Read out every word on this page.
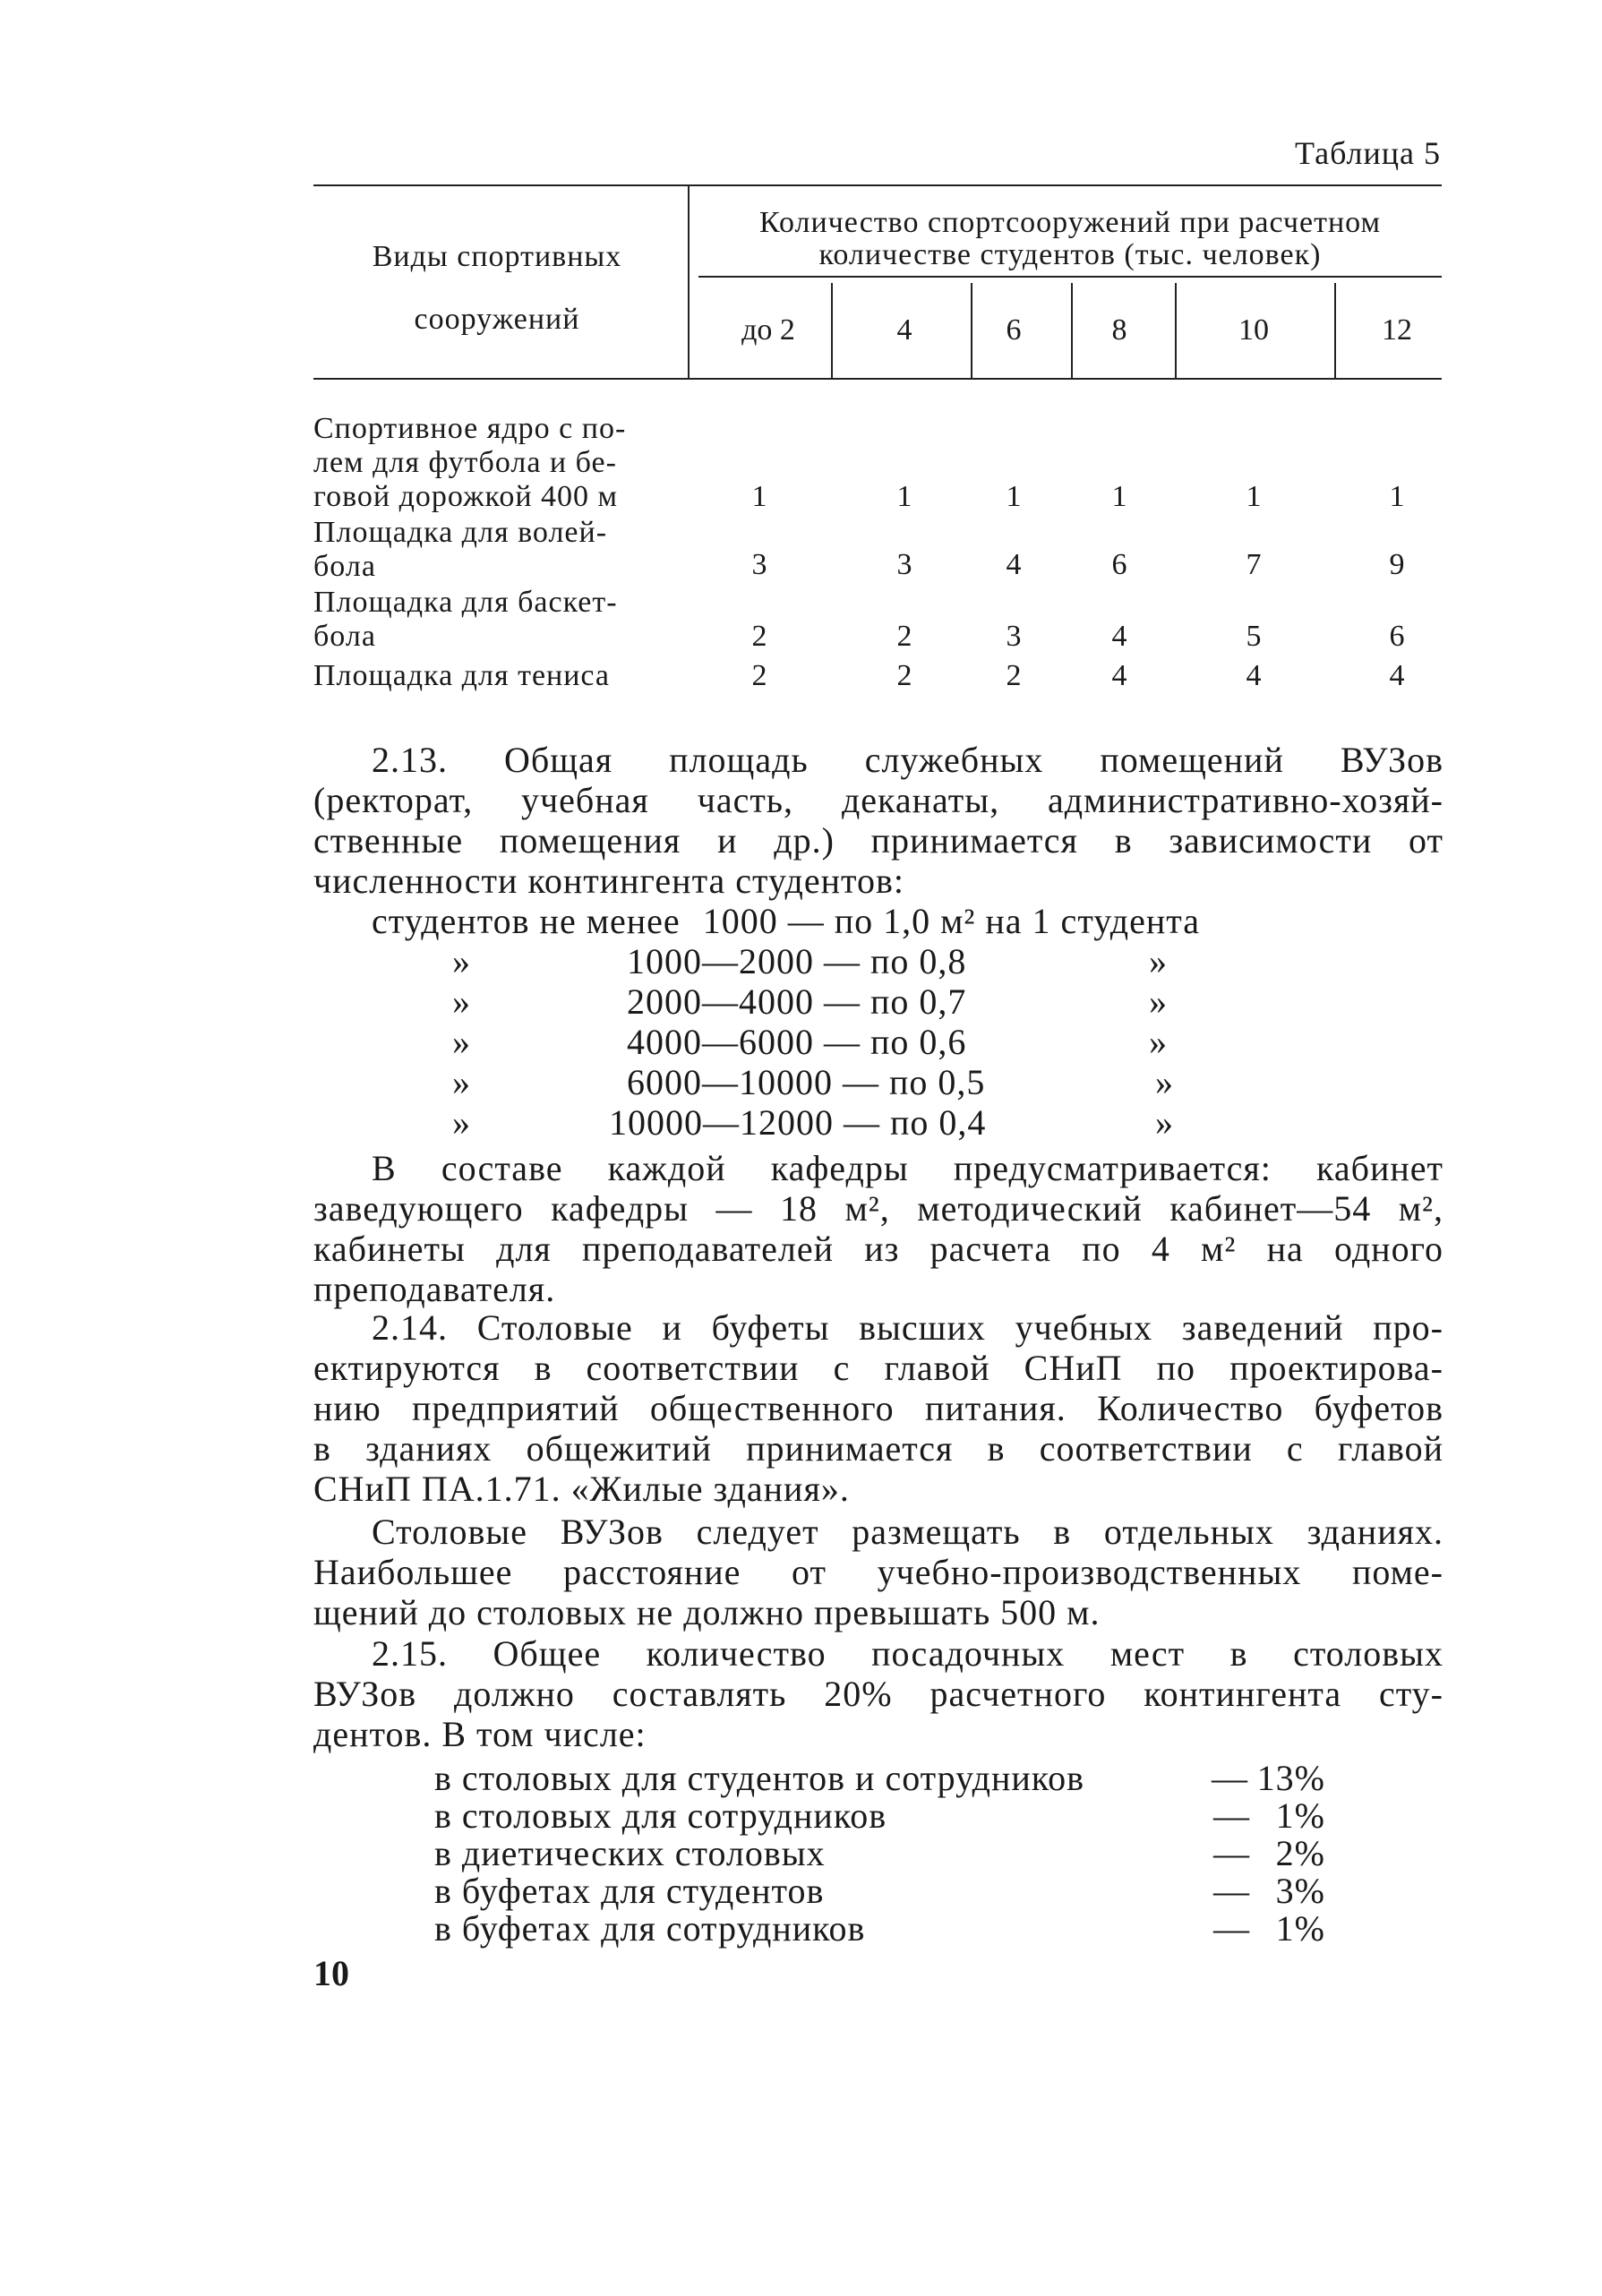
Таблица 5
Виды спортивных
сооружений
Количество спортсооружений при расчетном
количестве студентов (тыс. человек)
до 2	4	6	8	10	12
Спортивное ядро с по-
лем для футбола и бе-
говой дорожкой 400 м	1	1	1	1	1	1
Площадка для волей-
бола	3	3	4	6	7	9
Площадка для баскет-
бола	2	2	3	4	5	6
Площадка для тениса	2	2	2	4	4	4
2.13. Общая площадь служебных помещений ВУЗов
(ректорат, учебная часть, деканаты, административно-хозяй-
ственные помещения и др.) принимается в зависимости от
численности контингента студентов:
студентов не менее 1000 — по 1,0 м² на 1 студента
»	1000—2000 — по 0,8	»
»	2000—4000 — по 0,7	»
»	4000—6000 — по 0,6	»
»	6000—10000 — по 0,5	»
»	10000—12000 — по 0,4	»
В составе каждой кафедры предусматривается: кабинет
заведующего кафедры — 18 м², методический кабинет—54 м²,
кабинеты для преподавателей из расчета по 4 м² на одного
преподавателя.
2.14. Столовые и буфеты высших учебных заведений про-
ектируются в соответствии с главой СНиП по проектирова-
нию предприятий общественного питания. Количество буфетов
в зданиях общежитий принимается в соответствии с главой
СНиП ПА.1.71. «Жилые здания».
Столовые ВУЗов следует размещать в отдельных зданиях.
Наибольшее расстояние от учебно-производственных поме-
щений до столовых не должно превышать 500 м.
2.15. Общее количество посадочных мест в столовых
ВУЗов должно составлять 20% расчетного контингента сту-
дентов. В том числе:
в столовых для студентов и сотрудников	— 13%
в столовых для сотрудников	— 1%
в диетических столовых	— 2%
в буфетах для студентов	— 3%
в буфетах для сотрудников	— 1%
10
